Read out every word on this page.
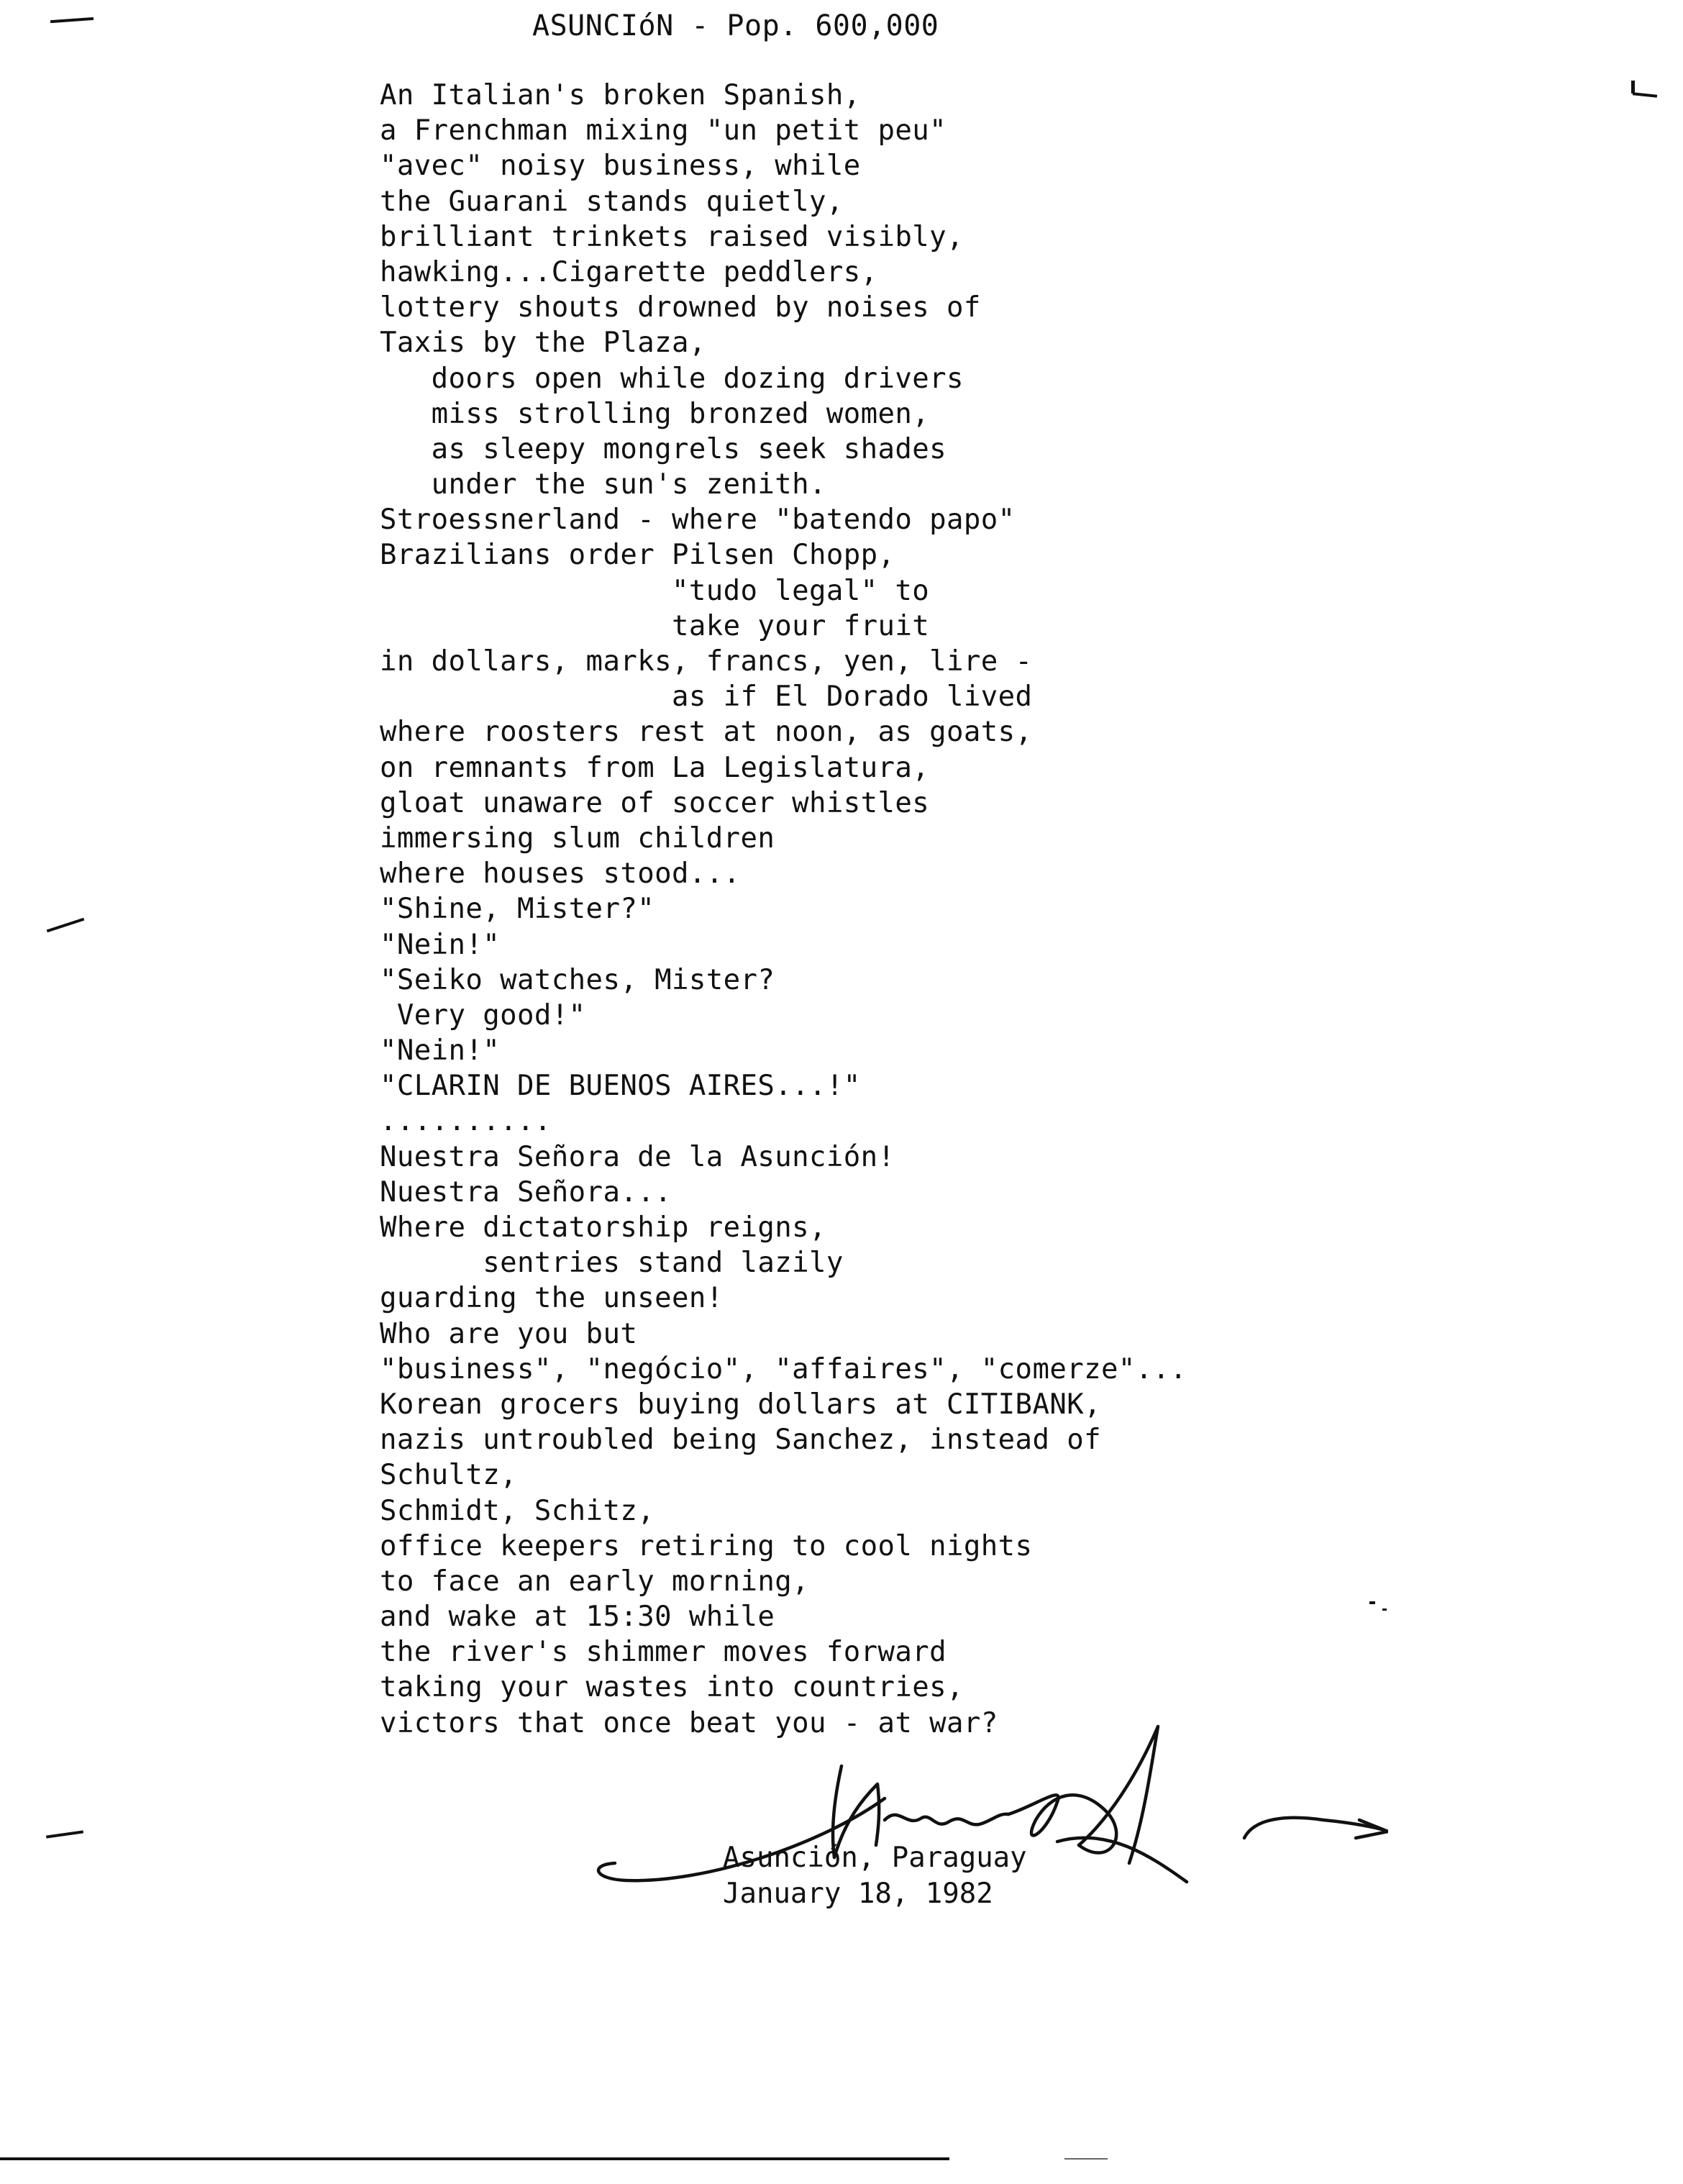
ASUNCIóN - Pop. 600,000
An Italian's broken Spanish,
a Frenchman mixing "un petit peu"
"avec" noisy business, while
the Guarani stands quietly,
brilliant trinkets raised visibly,
hawking...Cigarette peddlers,
lottery shouts drowned by noises of
Taxis by the Plaza,
doors open while dozing drivers
miss strolling bronzed women,
as sleepy mongrels seek shades
under the sun's zenith.
Stroessnerland - where "batendo papo"
Brazilians order Pilsen Chopp,
"tudo legal" to
take your fruit
in dollars, marks, francs, yen, lire -
as if El Dorado lived
where roosters rest at noon, as goats,
on remnants from La Legislatura,
gloat unaware of soccer whistles
immersing slum children
where houses stood...
"Shine, Mister?"
"Nein!"
"Seiko watches, Mister?
Very good!"
"Nein!"
"CLARIN DE BUENOS AIRES...!"
..........
Nuestra Señora de la Asunción!
Nuestra Señora...
Where dictatorship reigns,
sentries stand lazily
guarding the unseen!
Who are you but
"business", "negócio", "affaires", "comerze"...
Korean grocers buying dollars at CITIBANK,
nazis untroubled being Sanchez, instead of
Schultz,
Schmidt, Schitz,
office keepers retiring to cool nights
to face an early morning,
and wake at 15:30 while
the river's shimmer moves forward
taking your wastes into countries,
victors that once beat you - at war?
Asunción, Paraguay
January 18, 1982
